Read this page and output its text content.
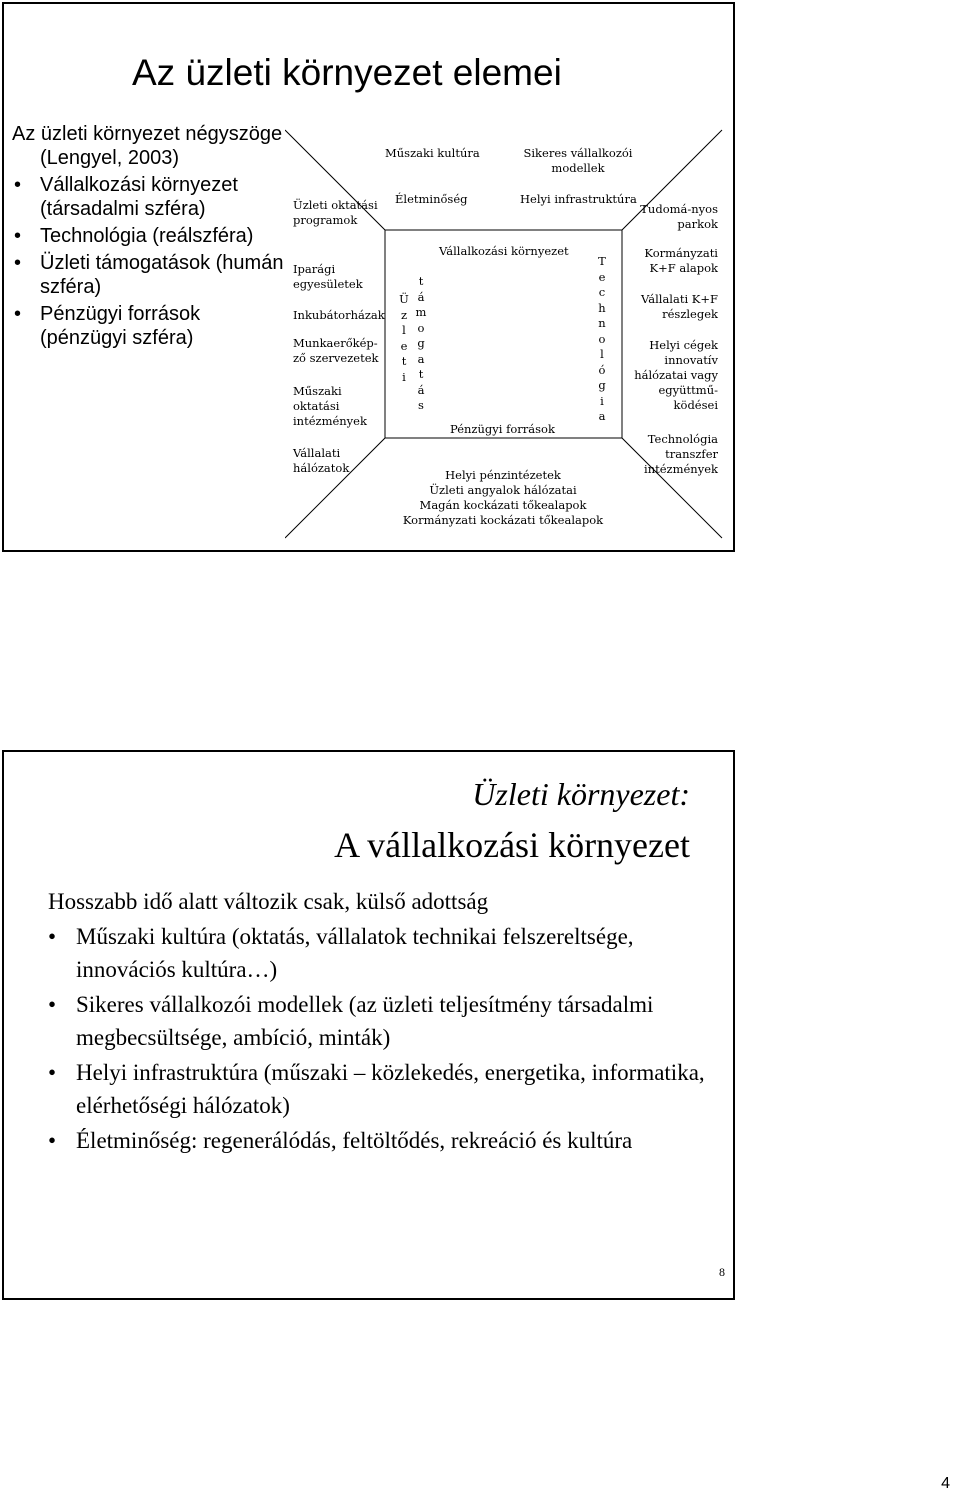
Az üzleti környezet elemei
Az üzleti környezet négyszöge (Lengyel, 2003)
• Vállalkozási környezet (társadalmi szféra)
• Technológia (reálszféra)
• Üzleti támogatások (humán szféra)
• Pénzügyi források (pénzügyi szféra)
Műszaki kultúra	Sikeres vállalkozói modellek
Életminőség	Helyi infrastruktúra
Vállalkozási környezet
Pénzügyi források
Ü
z
l
e
t
i
t
á
m
o
g
a
t
á
s
T
e
c
h
n
o
l
ó
g
i
a
Üzleti oktatási programok
Iparági egyesületek
Inkubátorházak
Munkaerőkép-ző szervezetek
Műszaki oktatási intézmények
Vállalati hálózatok
Tudomá-nyos parkok
Kormányzati K+F alapok
Vállalati K+F részlegek
Helyi cégek innovatív hálózatai vagy együttmű-ködései
Technológia transzfer intézmények
Helyi pénzintézetek
Üzleti angyalok hálózatai
Magán kockázati tőkealapok
Kormányzati kockázati tőkealapok
Üzleti környezet:
A vállalkozási környezet
Hosszabb idő alatt változik csak, külső adottság
• Műszaki kultúra (oktatás, vállalatok technikai felszereltsége, innovációs kultúra…)
• Sikeres vállalkozói modellek (az üzleti teljesítmény társadalmi megbecsültsége, ambíció, minták)
• Helyi infrastruktúra (műszaki – közlekedés, energetika, informatika, elérhetőségi hálózatok)
• Életminőség: regenerálódás, feltöltődés, rekreáció és kultúra
8
4
